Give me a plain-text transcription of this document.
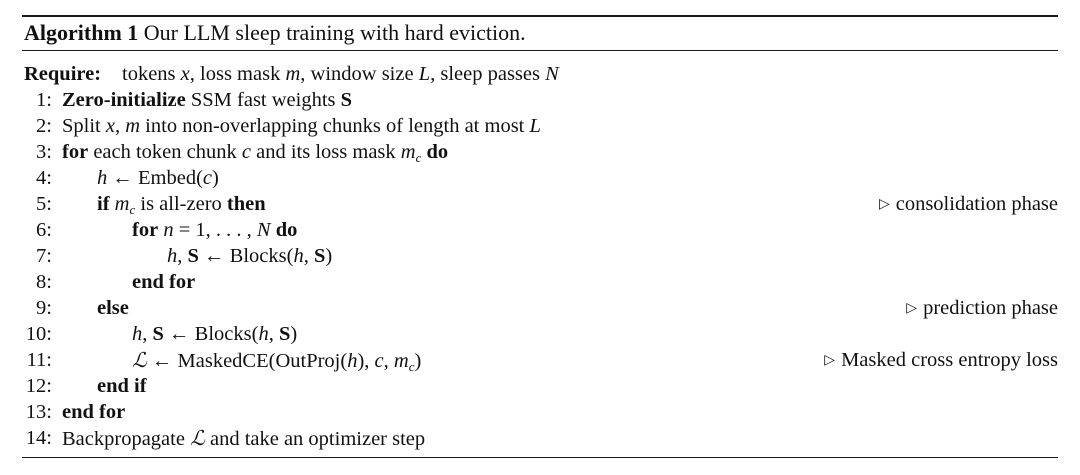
Algorithm 1 Our LLM sleep training with hard eviction.
Require: tokens x, loss mask m, window size L, sleep passes N
1: Zero-initialize SSM fast weights S
2: Split x, m into non-overlapping chunks of length at most L
3: for each token chunk c and its loss mask $m_c$ do
4: h ← Embed(c)
5: if $m_c$ is all-zero then	▷ consolidation phase
6:	for n = 1, . . . , N do
7:	h, S ← Blocks(h, S)
8:	end for
9: else	▷ prediction phase
10:	h, S ← Blocks(h, S)
11:	ℒ ← MaskedCE(OutProj(h), c, $m_c$)	▷ Masked cross entropy loss
12: end if
13: end for
14: Backpropagate ℒ and take an optimizer step
